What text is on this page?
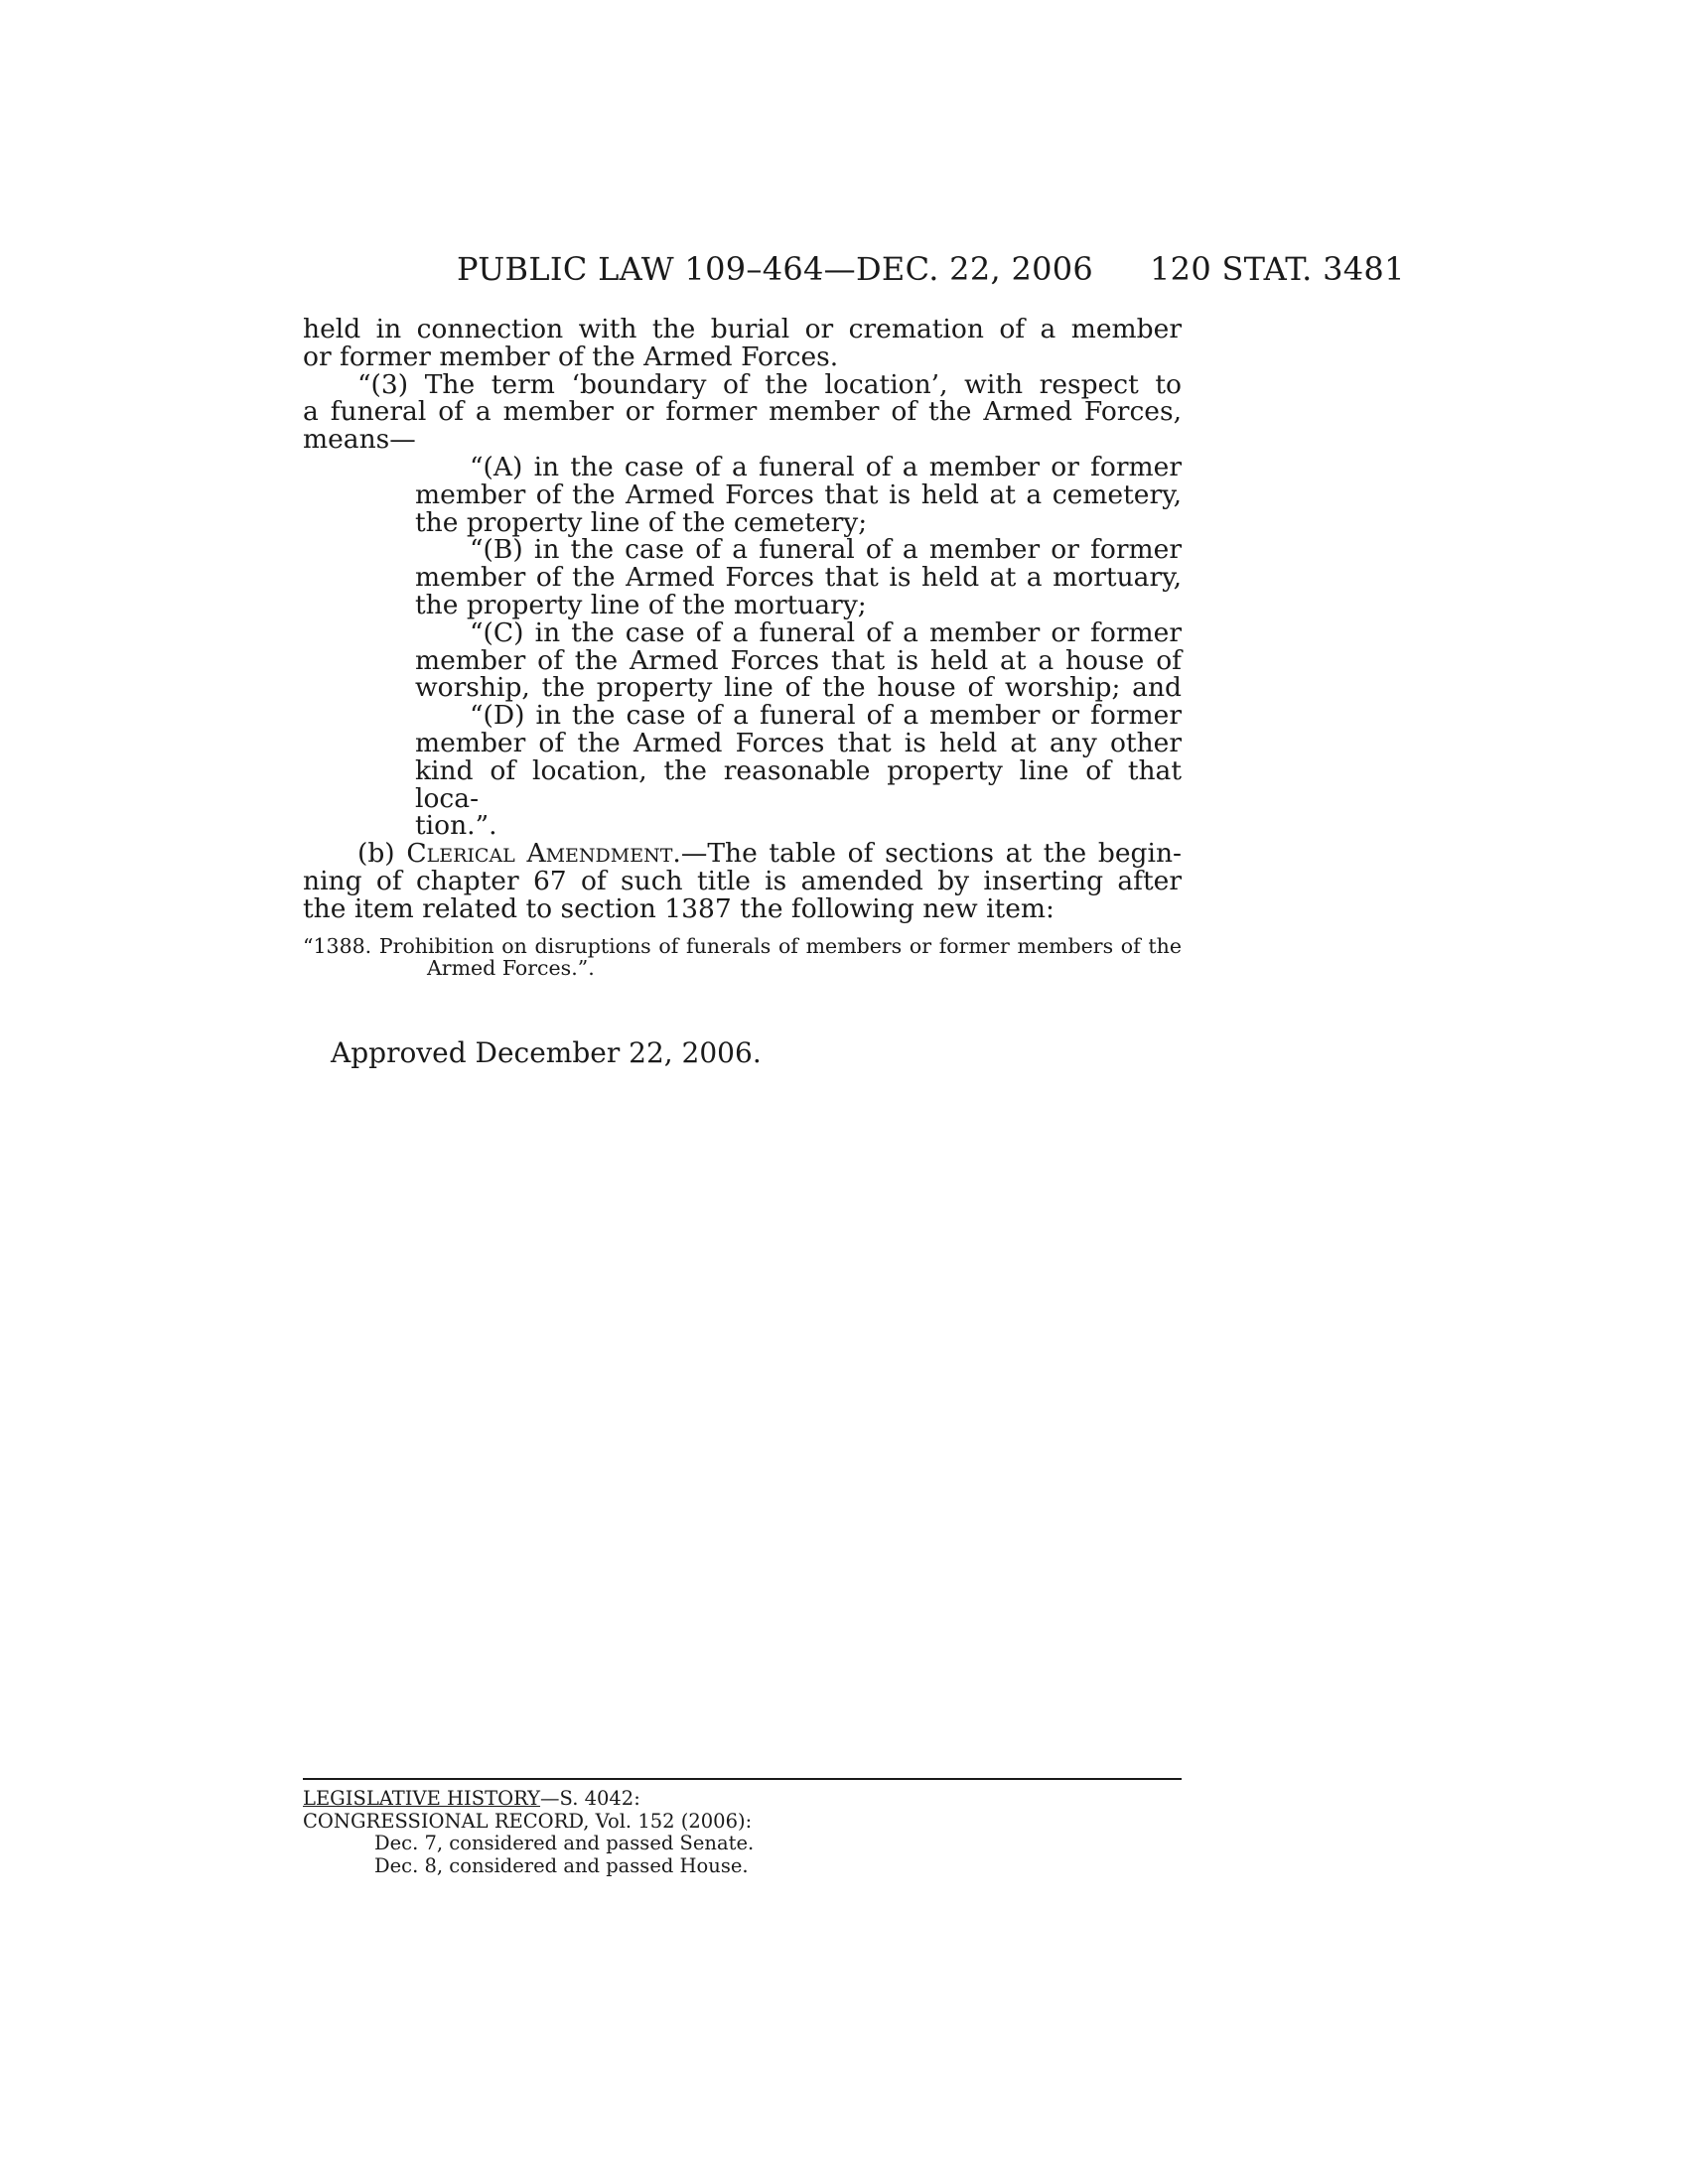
PUBLIC LAW 109–464—DEC. 22, 2006 120 STAT. 3481

held in connection with the burial or cremation of a member

or former member of the Armed Forces.

“(3) The term ‘boundary of the location’, with respect to

a funeral of a member or former member of the Armed Forces,

means—

“(A) in the case of a funeral of a member or former

member of the Armed Forces that is held at a cemetery,

the property line of the cemetery;

“(B) in the case of a funeral of a member or former

member of the Armed Forces that is held at a mortuary,

the property line of the mortuary;

“(C) in the case of a funeral of a member or former

member of the Armed Forces that is held at a house of

worship, the property line of the house of worship; and

“(D) in the case of a funeral of a member or former

member of the Armed Forces that is held at any other

kind of location, the reasonable property line of that loca-

tion.”.

(b) Clerical Amendment.—The table of sections at the begin-

ning of chapter 67 of such title is amended by inserting after

the item related to section 1387 the following new item:

“1388. Prohibition on disruptions of funerals of members or former members of the

Armed Forces.”.

Approved December 22, 2006.

LEGISLATIVE HISTORY—S. 4042:

CONGRESSIONAL RECORD, Vol. 152 (2006):

Dec. 7, considered and passed Senate.

Dec. 8, considered and passed House.
